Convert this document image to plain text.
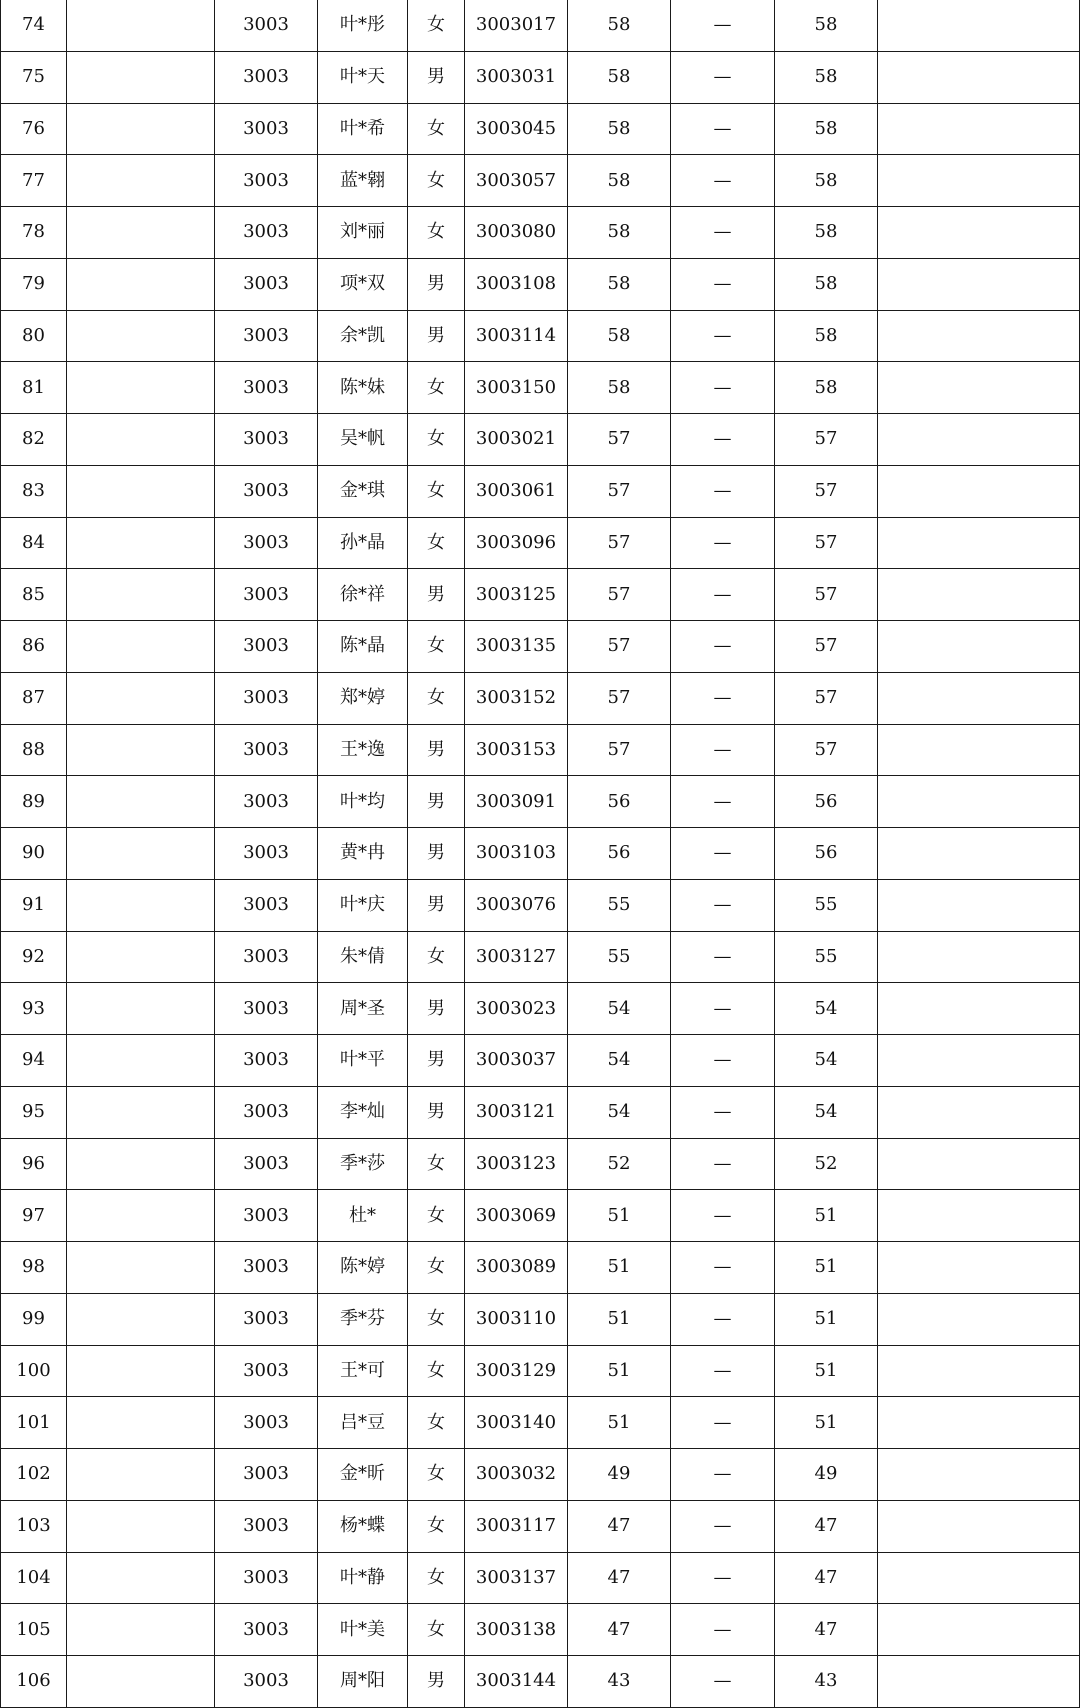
74		3003	叶*彤	女	3003017	58	—	58	
75		3003	叶*天	男	3003031	58	—	58	
76		3003	叶*希	女	3003045	58	—	58	
77		3003	蓝*翱	女	3003057	58	—	58	
78		3003	刘*丽	女	3003080	58	—	58	
79		3003	项*双	男	3003108	58	—	58	
80		3003	余*凯	男	3003114	58	—	58	
81		3003	陈*妹	女	3003150	58	—	58	
82		3003	吴*帆	女	3003021	57	—	57	
83		3003	金*琪	女	3003061	57	—	57	
84		3003	孙*晶	女	3003096	57	—	57	
85		3003	徐*祥	男	3003125	57	—	57	
86		3003	陈*晶	女	3003135	57	—	57	
87		3003	郑*婷	女	3003152	57	—	57	
88		3003	王*逸	男	3003153	57	—	57	
89		3003	叶*均	男	3003091	56	—	56	
90		3003	黄*冉	男	3003103	56	—	56	
91		3003	叶*庆	男	3003076	55	—	55	
92		3003	朱*倩	女	3003127	55	—	55	
93		3003	周*圣	男	3003023	54	—	54	
94		3003	叶*平	男	3003037	54	—	54	
95		3003	李*灿	男	3003121	54	—	54	
96		3003	季*莎	女	3003123	52	—	52	
97		3003	杜*	女	3003069	51	—	51	
98		3003	陈*婷	女	3003089	51	—	51	
99		3003	季*芬	女	3003110	51	—	51	
100		3003	王*可	女	3003129	51	—	51	
101		3003	吕*豆	女	3003140	51	—	51	
102		3003	金*昕	女	3003032	49	—	49	
103		3003	杨*蝶	女	3003117	47	—	47	
104		3003	叶*静	女	3003137	47	—	47	
105		3003	叶*美	女	3003138	47	—	47	
106		3003	周*阳	男	3003144	43	—	43	
